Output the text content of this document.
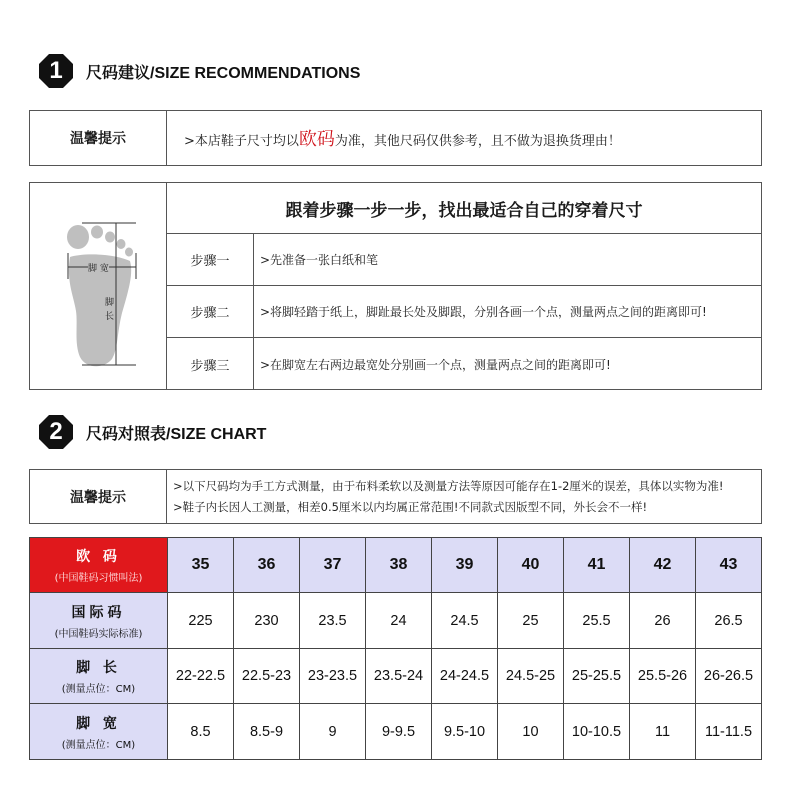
1	尺码建议/SIZE RECOMMENDATIONS
温馨提示	>本店鞋子尺寸均以欧码为准，其他尺码仅供参考，且不做为退换货理由！
脚 宽
脚
长
跟着步骤一步一步，找出最适合自己的穿着尺寸
步骤一	>先准备一张白纸和笔
步骤二	>将脚轻踏于纸上，脚趾最长处及脚跟，分别各画一个点，测量两点之间的距离即可!
步骤三	>在脚宽左右两边最宽处分别画一个点，测量两点之间的距离即可!
2	尺码对照表/SIZE CHART
温馨提示
>以下尺码均为手工方式测量，由于布料柔软以及测量方法等原因可能存在1-2厘米的误差，具体以实物为准!
>鞋子内长因人工测量，相差0.5厘米以内均属正常范围!不同款式因版型不同，外长会不一样!
欧 码
(中国鞋码习惯叫法)	35	36	37	38	39	40	41	42	43

国际码
(中国鞋码实际标准)	225	230	23.5	24	24.5	25	25.5	26	26.5

脚 长
(测量点位：CM)	22-22.5	22.5-23	23-23.5	23.5-24	24-24.5	24.5-25	25-25.5	25.5-26	26-26.5

脚 宽
(测量点位：CM)	8.5	8.5-9	9	9-9.5	9.5-10	10	10-10.5	11	11-11.5
